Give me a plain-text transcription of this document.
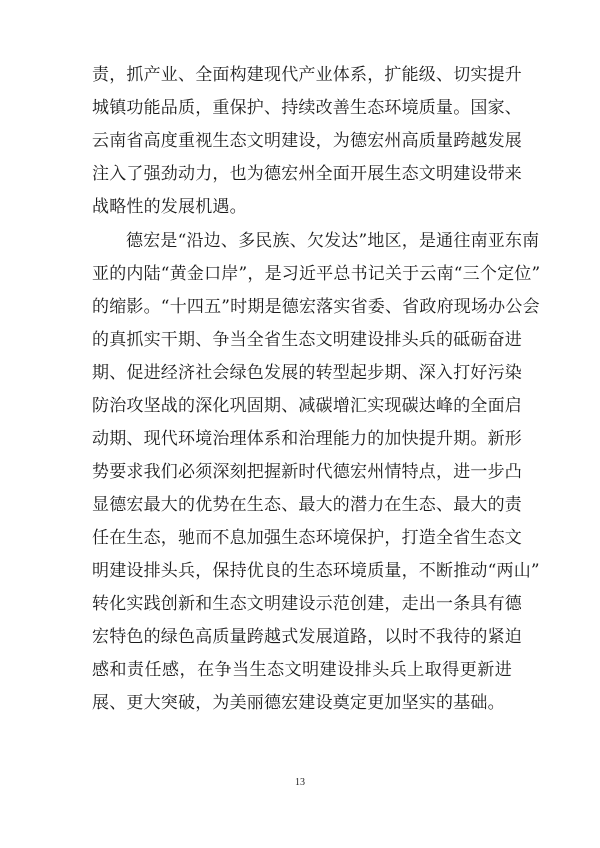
责，抓产业、全面构建现代产业体系，扩能级、切实提升
城镇功能品质，重保护、持续改善生态环境质量。国家、
云南省高度重视生态文明建设，为德宏州高质量跨越发展
注入了强劲动力，也为德宏州全面开展生态文明建设带来
战略性的发展机遇。
德宏是“沿边、多民族、欠发达”地区，是通往南亚东南
亚的内陆“黄金口岸”，是习近平总书记关于云南“三个定位”
的缩影。“十四五”时期是德宏落实省委、省政府现场办公会
的真抓实干期、争当全省生态文明建设排头兵的砥砺奋进
期、促进经济社会绿色发展的转型起步期、深入打好污染
防治攻坚战的深化巩固期、减碳增汇实现碳达峰的全面启
动期、现代环境治理体系和治理能力的加快提升期。新形
势要求我们必须深刻把握新时代德宏州情特点，进一步凸
显德宏最大的优势在生态、最大的潜力在生态、最大的责
任在生态，驰而不息加强生态环境保护，打造全省生态文
明建设排头兵，保持优良的生态环境质量，不断推动“两山”
转化实践创新和生态文明建设示范创建，走出一条具有德
宏特色的绿色高质量跨越式发展道路，以时不我待的紧迫
感和责任感，在争当生态文明建设排头兵上取得更新进
展、更大突破，为美丽德宏建设奠定更加坚实的基础。
13
